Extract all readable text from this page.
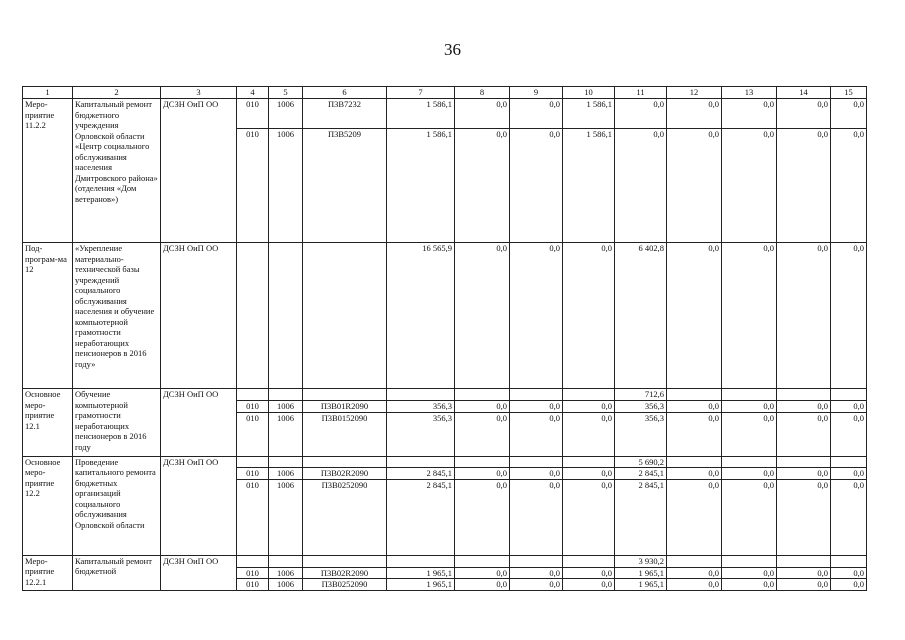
36
1	2	3	4	5	6	7	8	9	10	11	12	13	14	15
Меро-приятие 11.2.2	Капитальный ремонт бюджетного учреждения Орловской области «Центр социального обслуживания населения Дмитровского района» (отделения «Дом ветеранов»)	ДСЗН ОиП ОО	010	1006	П3В7232	1 586,1	0,0	0,0	1 586,1	0,0	0,0	0,0	0,0	0,0
			010	1006	П3В5209	1 586,1	0,0	0,0	1 586,1	0,0	0,0	0,0	0,0	0,0
Под-програм-ма 12	«Укрепление материально-технической базы учреждений социального обслуживания населения и обучение компьютерной грамотности неработающих пенсионеров в 2016 году»	ДСЗН ОиП ОО				16 565,9	0,0	0,0	0,0	6 402,8	0,0	0,0	0,0	0,0
Основное меро-приятие 12.1	Обучение компьютерной грамотности неработающих пенсионеров в 2016 году	ДСЗН ОиП ОО								712,6				
			010	1006	П3В01R2090	356,3	0,0	0,0	0,0	356,3	0,0	0,0	0,0	0,0
			010	1006	П3В0152090	356,3	0,0	0,0	0,0	356,3	0,0	0,0	0,0	0,0
Основное меро-приятие 12.2	Проведение капитального ремонта бюджетных организаций социального обслуживания Орловской области	ДСЗН ОиП ОО								5 690,2				
			010	1006	П3В02R2090	2 845,1	0,0	0,0	0,0	2 845,1	0,0	0,0	0,0	0,0
			010	1006	П3В0252090	2 845,1	0,0	0,0	0,0	2 845,1	0,0	0,0	0,0	0,0
Меро-приятие 12.2.1	Капитальный ремонт бюджетной	ДСЗН ОиП ОО								3 930,2				
			010	1006	П3В02R2090	1 965,1	0,0	0,0	0,0	1 965,1	0,0	0,0	0,0	0,0
			010	1006	П3В0252090	1 965,1	0,0	0,0	0,0	1 965,1	0,0	0,0	0,0	0,0
